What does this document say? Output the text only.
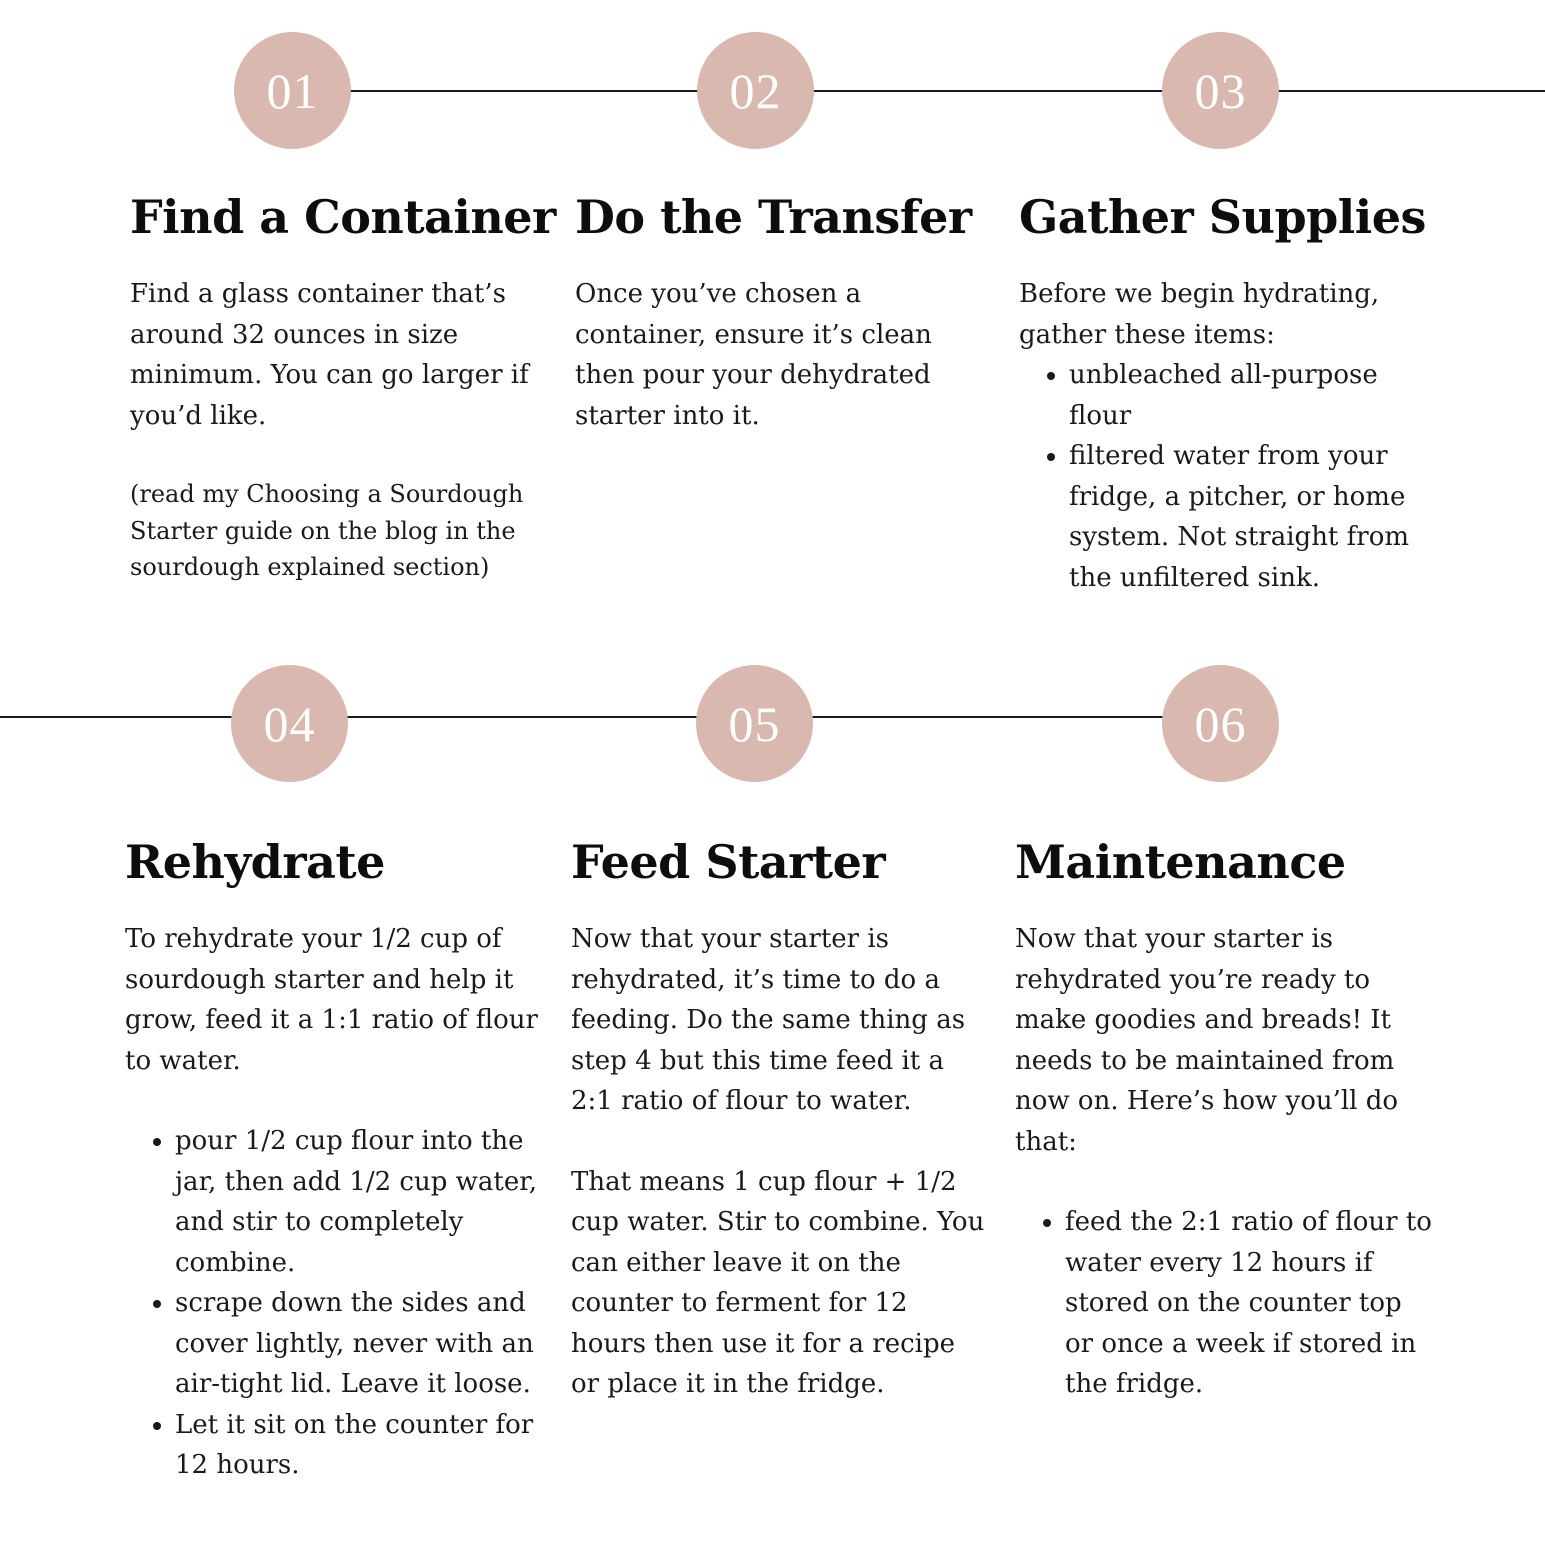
01	02	03
04	05	06
Find a Container

Find a glass container that’s around 32 ounces in size minimum. You can go larger if you’d like.

(read my Choosing a Sourdough Starter guide on the blog in the sourdough explained section)

Do the Transfer

Once you’ve chosen a container, ensure it’s clean then pour your dehydrated starter into it.

Gather Supplies

Before we begin hydrating, gather these items:

• unbleached all-purpose flour
• filtered water from your fridge, a pitcher, or home system. Not straight from the unfiltered sink.
Rehydrate

To rehydrate your 1/2 cup of sourdough starter and help it grow, feed it a 1:1 ratio of flour to water.

• pour 1/2 cup flour into the jar, then add 1/2 cup water, and stir to completely combine.
• scrape down the sides and cover lightly, never with an air-tight lid. Leave it loose.
• Let it sit on the counter for 12 hours.
Feed Starter

Now that your starter is rehydrated, it’s time to do a feeding. Do the same thing as step 4 but this time feed it a 2:1 ratio of flour to water.

That means 1 cup flour + 1/2 cup water. Stir to combine. You can either leave it on the counter to ferment for 12 hours then use it for a recipe or place it in the fridge.

Maintenance

Now that your starter is rehydrated you’re ready to make goodies and breads! It needs to be maintained from now on. Here’s how you’ll do that:

• feed the 2:1 ratio of flour to water every 12 hours if stored on the counter top or once a week if stored in the fridge.
